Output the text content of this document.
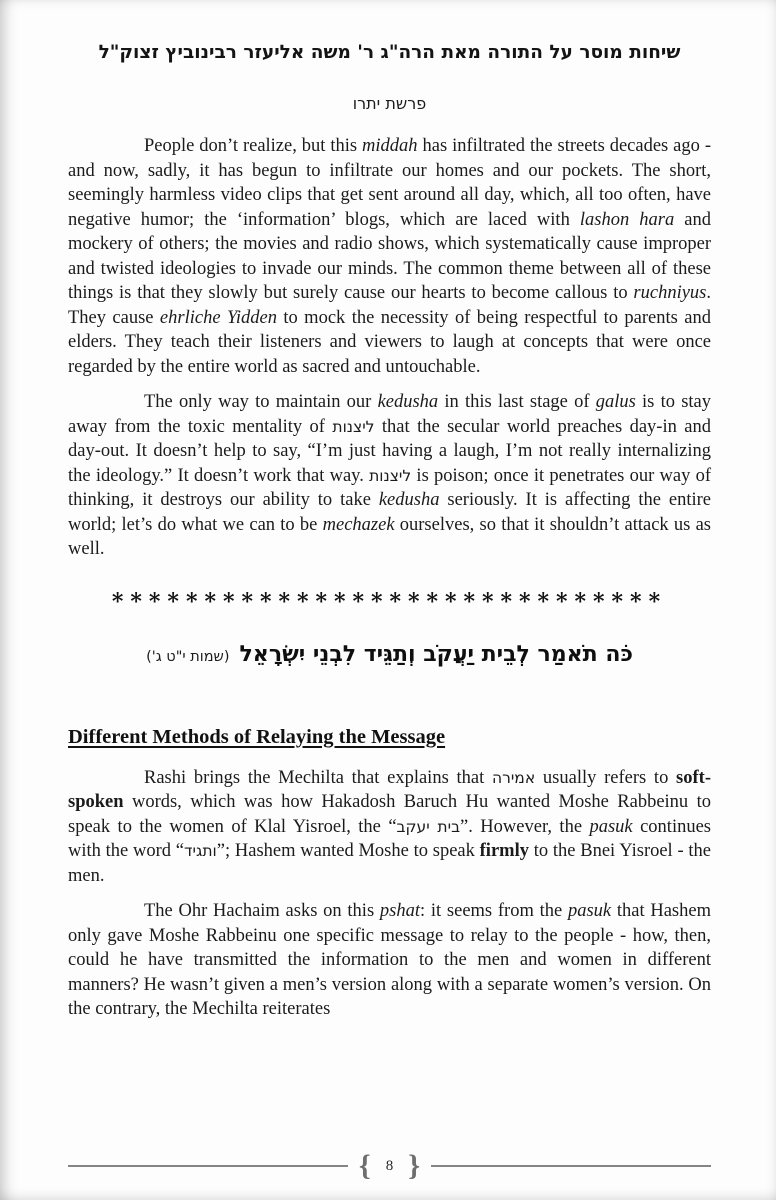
שיחות מוסר על התורה מאת הרה"ג ר' משה אליעזר רבינוביץ זצוק"ל
פרשת יתרו

People don’t realize, but this middah has infiltrated the streets decades ago - and now, sadly, it has begun to infiltrate our homes and our pockets. The short, seemingly harmless video clips that get sent around all day, which, all too often, have negative humor; the ‘information’ blogs, which are laced with lashon hara and mockery of others; the movies and radio shows, which systematically cause improper and twisted ideologies to invade our minds. The common theme between all of these things is that they slowly but surely cause our hearts to become callous to ruchniyus. They cause ehrliche Yidden to mock the necessity of being respectful to parents and elders. They teach their listeners and viewers to laugh at concepts that were once regarded by the entire world as sacred and untouchable.

The only way to maintain our kedusha in this last stage of galus is to stay away from the toxic mentality of ליצנות that the secular world preaches day-in and day-out. It doesn’t help to say, “I’m just having a laugh, I’m not really internalizing the ideology.” It doesn’t work that way. ליצנות is poison; once it penetrates our way of thinking, it destroys our ability to take kedusha seriously. It is affecting the entire world; let’s do what we can to be mechazek ourselves, so that it shouldn’t attack us as well.

******************************
כֹּה תֹאמַר לְבֵית יַעֲקֹב וְתַגֵּיד לִבְנֵי יִשְׂרָאֵל(שמות י"ט ג')
Different Methods of Relaying the Message

Rashi brings the Mechilta that explains that אמירה usually refers to soft-spoken words, which was how Hakadosh Baruch Hu wanted Moshe Rabbeinu to speak to the women of Klal Yisroel, the “בית יעקב”. However, the pasuk continues with the word “ותגיד”; Hashem wanted Moshe to speak firmly to the Bnei Yisroel - the men.

The Ohr Hachaim asks on this pshat: it seems from the pasuk that Hashem only gave Moshe Rabbeinu one specific message to relay to the people - how, then, could he have transmitted the information to the men and women in different manners? He wasn’t given a men’s version along with a separate women’s version. On the contrary, the Mechilta reiterates

{	8 }
